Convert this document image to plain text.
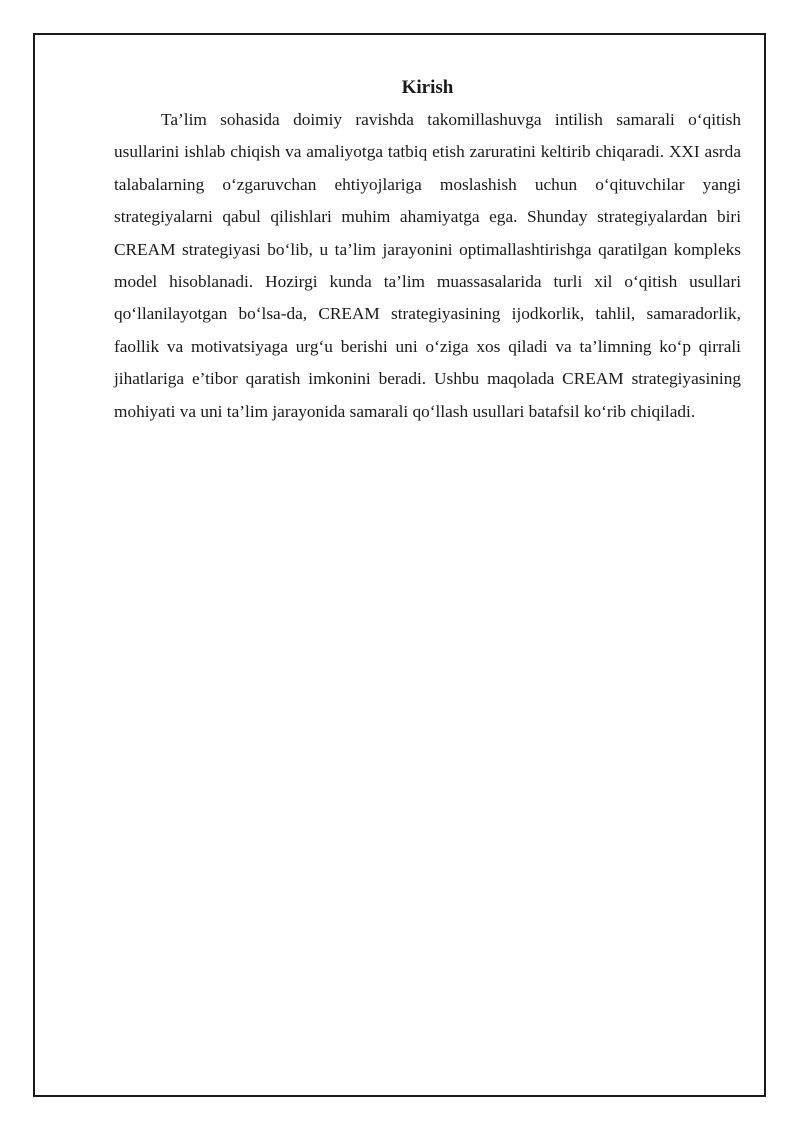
Kirish

Ta’lim sohasida doimiy ravishda takomillashuvga intilish samarali o‘qitish usullarini ishlab chiqish va amaliyotga tatbiq etish zaruratini keltirib chiqaradi. XXI asrda talabalarning o‘zgaruvchan ehtiyojlariga moslashish uchun o‘qituvchilar yangi strategiyalarni qabul qilishlari muhim ahamiyatga ega. Shunday strategiyalardan biri CREAM strategiyasi bo‘lib, u ta’lim jarayonini optimallashtirishga qaratilgan kompleks model hisoblanadi. Hozirgi kunda ta’lim muassasalarida turli xil o‘qitish usullari qo‘llanilayotgan bo‘lsa-da, CREAM strategiyasining ijodkorlik, tahlil, samaradorlik, faollik va motivatsiyaga urg‘u berishi uni o‘ziga xos qiladi va ta’limning ko‘p qirrali jihatlariga e’tibor qaratish imkonini beradi. Ushbu maqolada CREAM strategiyasining mohiyati va uni ta’lim jarayonida samarali qo‘llash usullari batafsil ko‘rib chiqiladi.
